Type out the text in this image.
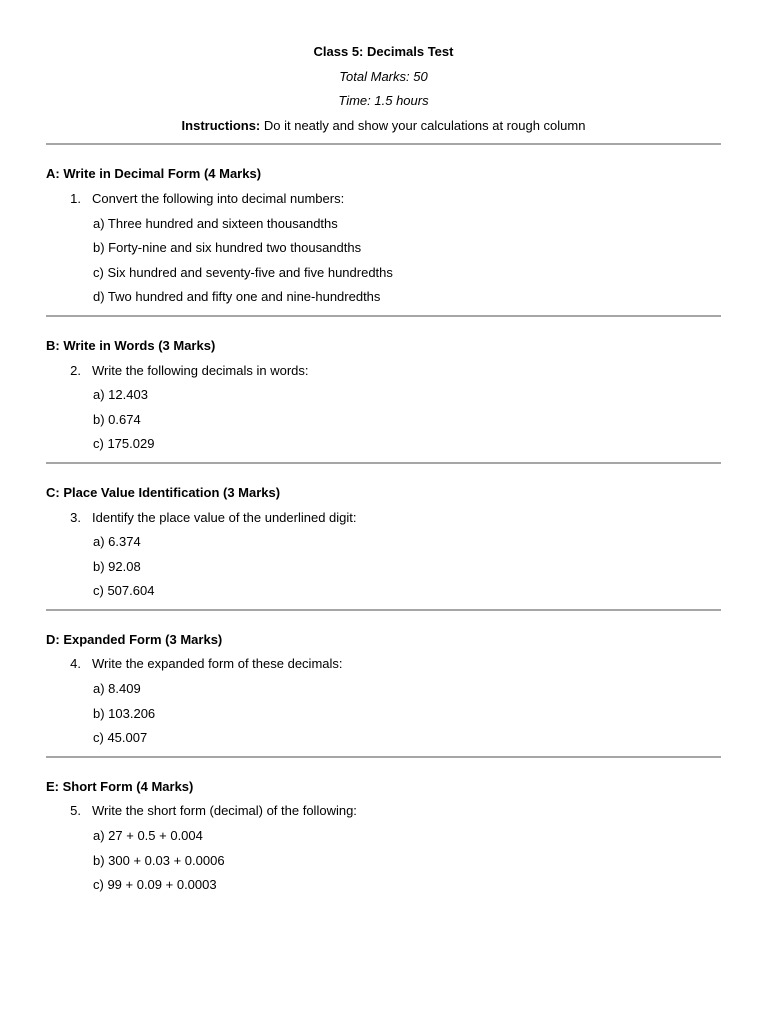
Class 5: Decimals Test

Total Marks: 50

Time: 1.5 hours

Instructions: Do it neatly and show your calculations at rough column

A: Write in Decimal Form (4 Marks)

1. Convert the following into decimal numbers:

a) Three hundred and sixteen thousandths

b) Forty-nine and six hundred two thousandths

c) Six hundred and seventy-five and five hundredths

d) Two hundred and fifty one and nine-hundredths

B: Write in Words (3 Marks)

2. Write the following decimals in words:

a) 12.403

b) 0.674

c) 175.029

C: Place Value Identification (3 Marks)

3. Identify the place value of the underlined digit:

a) 6.374

b) 92.08

c) 507.604

D: Expanded Form (3 Marks)

4. Write the expanded form of these decimals:

a) 8.409

b) 103.206

c) 45.007

E: Short Form (4 Marks)

5. Write the short form (decimal) of the following:

a) 27 + 0.5 + 0.004

b) 300 + 0.03 + 0.0006

c) 99 + 0.09 + 0.0003
